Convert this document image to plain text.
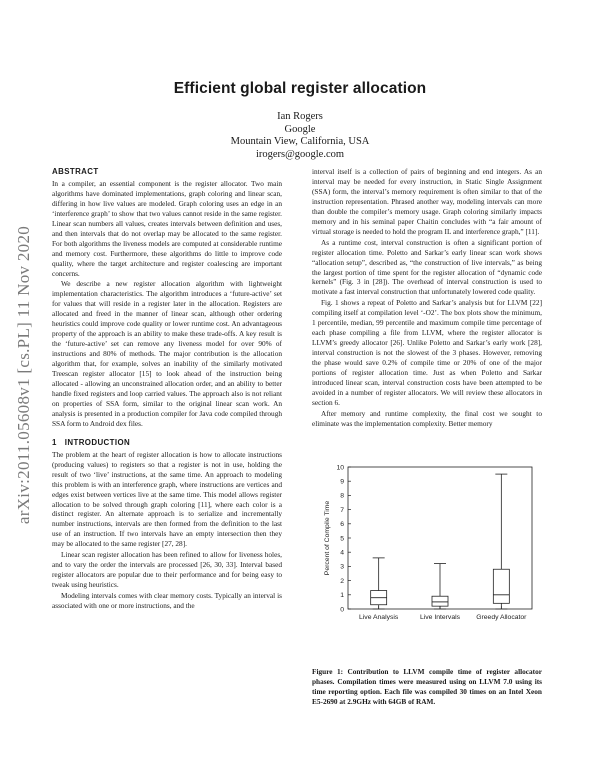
arXiv:2011.05608v1 [cs.PL] 11 Nov 2020
Efficient global register allocation
Ian Rogers
Google
Mountain View, California, USA
irogers@google.com
ABSTRACT

In a compiler, an essential component is the register allocator. Two main algorithms have dominated implementations, graph coloring and linear scan, differing in how live values are modeled. Graph coloring uses an edge in an ‘interference graph’ to show that two values cannot reside in the same register. Linear scan numbers all values, creates intervals between definition and uses, and then intervals that do not overlap may be allocated to the same register. For both algorithms the liveness models are computed at considerable runtime and memory cost. Furthermore, these algorithms do little to improve code quality, where the target architecture and register coalescing are important concerns.

We describe a new register allocation algorithm with lightweight implementation characteristics. The algorithm introduces a ‘future-active’ set for values that will reside in a register later in the allocation. Registers are allocated and freed in the manner of linear scan, although other ordering heuristics could improve code quality or lower runtime cost. An advantageous property of the approach is an ability to make these trade-offs. A key result is the ‘future-active’ set can remove any liveness model for over 90% of instructions and 80% of methods. The major contribution is the allocation algorithm that, for example, solves an inability of the similarly motivated Treescan register allocator [15] to look ahead of the instruction being allocated - allowing an unconstrained allocation order, and an ability to better handle fixed registers and loop carried values. The approach also is not reliant on properties of SSA form, similar to the original linear scan work. An analysis is presented in a production compiler for Java code compiled through SSA form to Android dex files.

1 INTRODUCTION

The problem at the heart of register allocation is how to allocate instructions (producing values) to registers so that a register is not in use, holding the result of two ‘live’ instructions, at the same time. An approach to modeling this problem is with an interference graph, where instructions are vertices and edges exist between vertices live at the same time. This model allows register allocation to be solved through graph coloring [11], where each color is a distinct register. An alternate approach is to serialize and incrementally number instructions, intervals are then formed from the definition to the last use of an instruction. If two intervals have an empty intersection then they may be allocated to the same register [27, 28].

Linear scan register allocation has been refined to allow for liveness holes, and to vary the order the intervals are processed [26, 30, 33]. Interval based register allocators are popular due to their performance and for being easy to tweak using heuristics.

Modeling intervals comes with clear memory costs. Typically an interval is associated with one or more instructions, and the

interval itself is a collection of pairs of beginning and end integers. As an interval may be needed for every instruction, in Static Single Assignment (SSA) form, the interval’s memory requirement is often similar to that of the instruction representation. Phrased another way, modeling intervals can more than double the compiler’s memory usage. Graph coloring similarly impacts memory and in his seminal paper Chaitin concludes with “a fair amount of virtual storage is needed to hold the program IL and interference graph,” [11].

As a runtime cost, interval construction is often a significant portion of register allocation time. Poletto and Sarkar’s early linear scan work shows “allocation setup”, described as, “the construction of live intervals,” as being the largest portion of time spent for the register allocation of “dynamic code kernels” (Fig. 3 in [28]). The overhead of interval construction is used to motivate a fast interval construction that unfortunately lowered code quality.

Fig. 1 shows a repeat of Poletto and Sarkar’s analysis but for LLVM [22] compiling itself at compilation level ‘-O2’. The box plots show the minimum, 1 percentile, median, 99 percentile and maximum compile time percentage of each phase compiling a file from LLVM, where the register allocator is LLVM’s greedy allocator [26]. Unlike Poletto and Sarkar’s early work [28], interval construction is not the slowest of the 3 phases. However, removing the phase would save 0.2% of compile time or 20% of one of the major portions of register allocation time. Just as when Poletto and Sarkar introduced linear scan, interval construction costs have been attempted to be avoided in a number of register allocators. We will review these allocators in section 6.

After memory and runtime complexity, the final cost we sought to eliminate was the implementation complexity. Better memory

0
1
2
3
4
5
6
7
8
9
10
Percent of Compile Time
Live Analysis	Live Intervals Greedy Allocator
Figure 1: Contribution to LLVM compile time of register allocator phases. Compilation times were measured using on LLVM 7.0 using its time reporting option. Each file was compiled 30 times on an Intel Xeon E5-2690 at 2.9GHz with 64GB of RAM.
